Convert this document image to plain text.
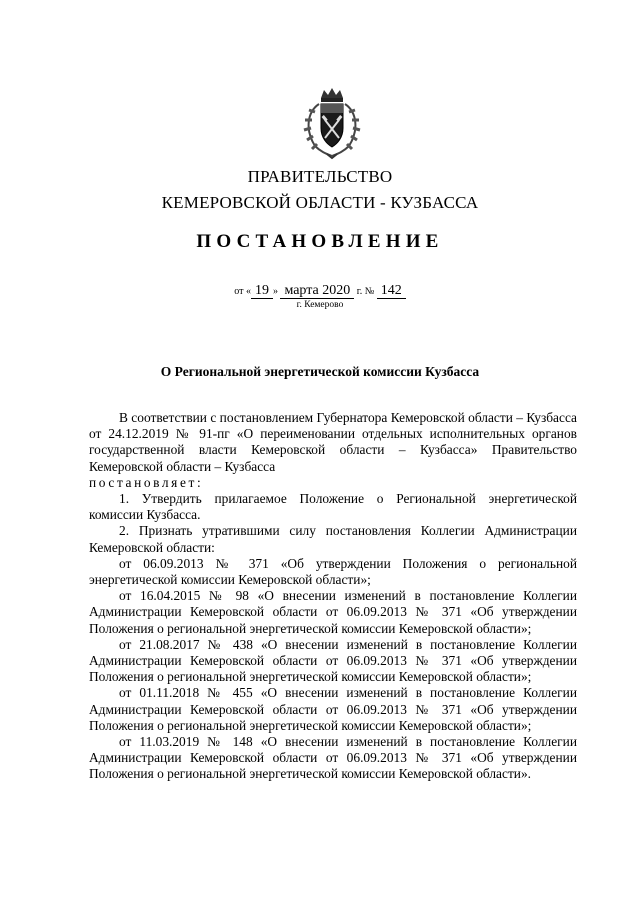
ПРАВИТЕЛЬСТВО
КЕМЕРОВСКОЙ ОБЛАСТИ - КУЗБАССА
ПОСТАНОВЛЕНИЕ
от « 19 » марта 2020 г. № 142
г. Кемерово
О Региональной энергетической комиссии Кузбасса

В соответствии с постановлением Губернатора Кемеровской области – Кузбасса от 24.12.2019 № 91-пг «О переименовании отдельных исполнительных органов государственной власти Кемеровской области – Кузбасса» Правительство Кемеровской области – Кузбасса

постановляет:

1. Утвердить прилагаемое Положение о Региональной энергетической комиссии Кузбасса.

2. Признать утратившими силу постановления Коллегии Администрации Кемеровской области:

от 06.09.2013 № 371 «Об утверждении Положения о региональной энергетической комиссии Кемеровской области»;

от 16.04.2015 № 98 «О внесении изменений в постановление Коллегии Администрации Кемеровской области от 06.09.2013 № 371 «Об утверждении Положения о региональной энергетической комиссии Кемеровской области»;

от 21.08.2017 № 438 «О внесении изменений в постановление Коллегии Администрации Кемеровской области от 06.09.2013 № 371 «Об утверждении Положения о региональной энергетической комиссии Кемеровской области»;

от 01.11.2018 № 455 «О внесении изменений в постановление Коллегии Администрации Кемеровской области от 06.09.2013 № 371 «Об утверждении Положения о региональной энергетической комиссии Кемеровской области»;

от 11.03.2019 № 148 «О внесении изменений в постановление Коллегии Администрации Кемеровской области от 06.09.2013 № 371 «Об утверждении Положения о региональной энергетической комиссии Кемеровской области».
